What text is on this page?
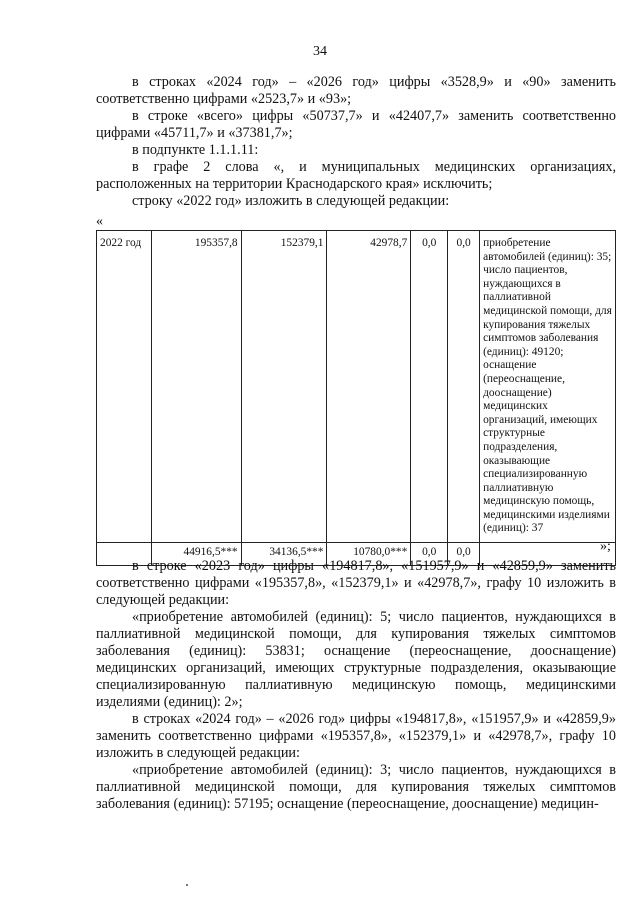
34

в строках «2024 год» – «2026 год» цифры «3528,9» и «90» заменить соответственно цифрами «2523,7» и «93»;

в строке «всего» цифры «50737,7» и «42407,7» заменить соответственно цифрами «45711,7» и «37381,7»;

в подпункте 1.1.1.11:

в графе 2 слова «, и муниципальных медицинских организациях, расположенных на территории Краснодарского края» исключить;

строку «2022 год» изложить в следующей редакции:

«
2022 год	195357,8	152379,1	42978,7	0,0	0,0	приобретение автомобилей (единиц): 35; число пациентов, нуждающихся в паллиативной медицинской помощи, для купирования тяжелых симптомов заболевания (единиц): 49120; оснащение (переоснащение, дооснащение) медицинских организаций, имеющих структурные подразделения, оказывающие специализированную паллиативную медицинскую помощь, медицинскими изделиями (единиц): 37
	44916,5***	34136,5***	10780,0***	0,0	0,0		»;

в строке «2023 год» цифры «194817,8», «151957,9» и «42859,9» заменить соответственно цифрами «195357,8», «152379,1» и «42978,7», графу 10 изложить в следующей редакции:

«приобретение автомобилей (единиц): 5; число пациентов, нуждающихся в паллиативной медицинской помощи, для купирования тяжелых симптомов заболевания (единиц): 53831; оснащение (переоснащение, дооснащение) медицинских организаций, имеющих структурные подразделения, оказывающие специализированную паллиативную медицинскую помощь, медицинскими изделиями (единиц): 2»;

в строках «2024 год» – «2026 год» цифры «194817,8», «151957,9» и «42859,9» заменить соответственно цифрами «195357,8», «152379,1» и «42978,7», графу 10 изложить в следующей редакции:

«приобретение автомобилей (единиц): 3; число пациентов, нуждающихся в паллиативной медицинской помощи, для купирования тяжелых симптомов заболевания (единиц): 57195; оснащение (переоснащение, дооснащение) медицин-
